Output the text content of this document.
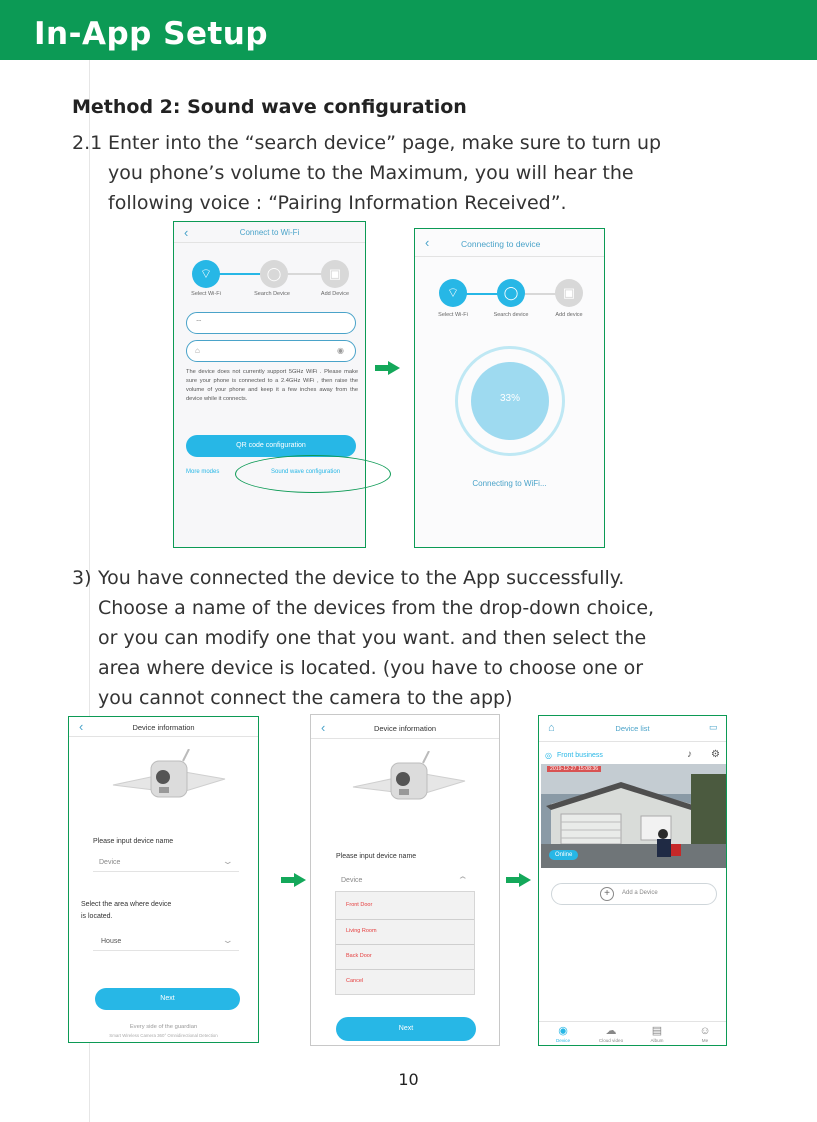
In-App Setup
Method 2: Sound wave configuration
2.1 Enter into the “search device” page, make sure to turn up
you phone’s volume to the Maximum, you will hear the
following voice : “Pairing Information Received”.
‹	Connect to Wi-Fi
⌔	◯	▣
Select Wi-Fi	Search Device	Add Device
⌔
⌂	◉
The device does not currently support 5GHz WiFi . Please make sure your phone is connected to a 2.4GHz WiFi , then raise the volume of your phone and keep it a few inches away from the device while it connects.
QR code configuration
More modes	Sound wave configuration
‹	Connecting to device
⌔	◯	▣
Select Wi-Fi	Search device	Add device
33%
Connecting to WiFi...
3) You have connected the device to the App successfully.
Choose a name of the devices from the drop-down choice,
or you can modify one that you want. and then select the
area where device is located. (you have to choose one or
you cannot connect the camera to the app)
‹	Device information
Please input device name
Device	⌄
Select the area where device
is located.
House	⌄
Next
Every side of the guardian
Smart Wireless Camera 360° Omnidirectional Detection
‹	Device information
Please input device name
Device	⌃
Front Door
Living Room
Back Door
Cancel
Next
⌂	Device list	▭
Front business
◎	♪ ⚙
2019-12-27 15:08:36
Online
+	Add a Device
◉
Device
☁
Cloud video
▤
Album
☺
Me
10
